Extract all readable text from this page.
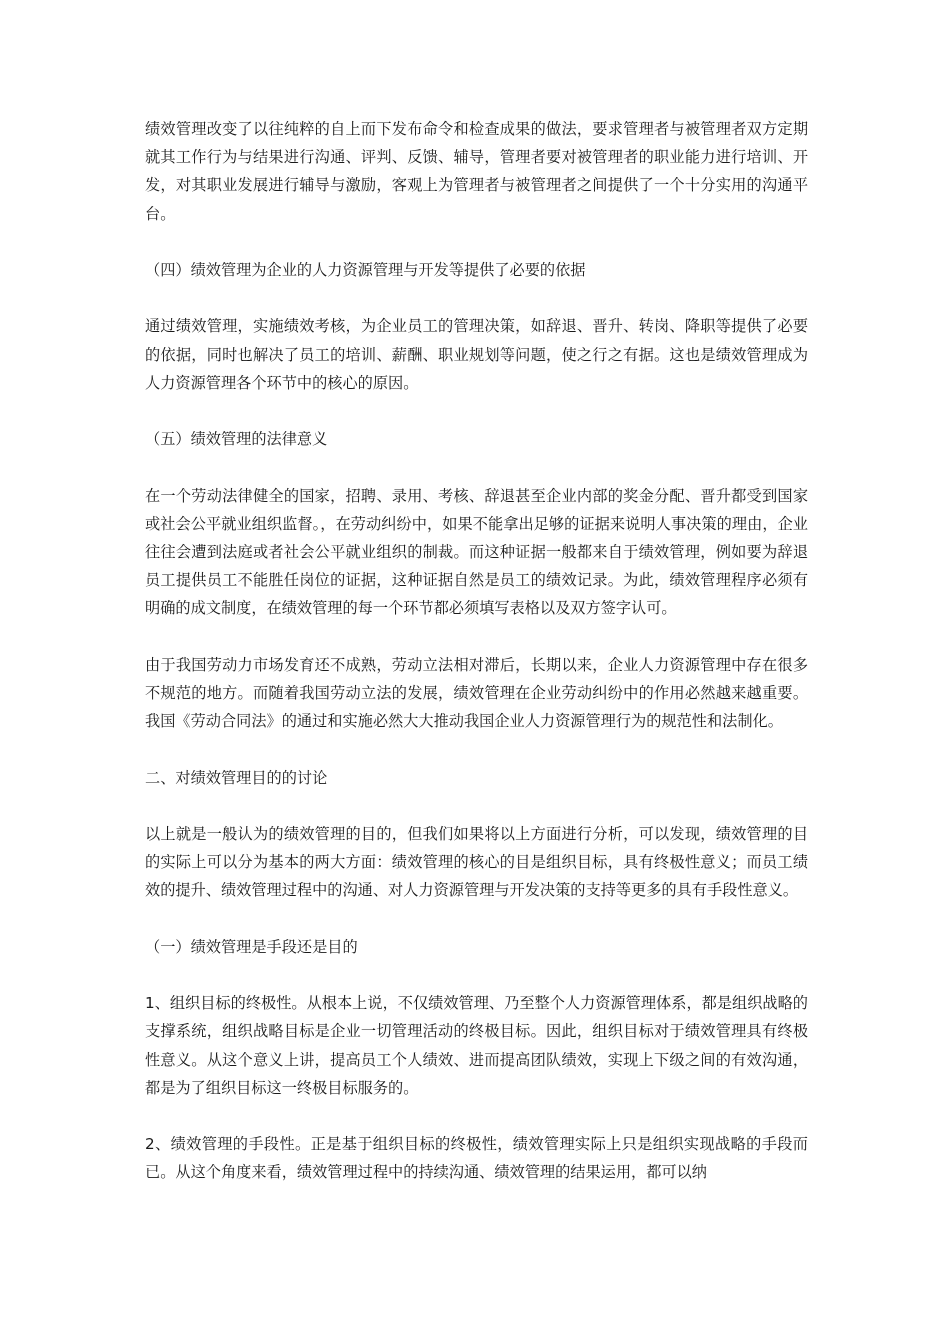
绩效管理改变了以往纯粹的自上而下发布命令和检查成果的做法，要求管理者与被管理者双方定期就其工作行为与结果进行沟通、评判、反馈、辅导，管理者要对被管理者的职业能力进行培训、开发，对其职业发展进行辅导与激励，客观上为管理者与被管理者之间提供了一个十分实用的沟通平台。

（四）绩效管理为企业的人力资源管理与开发等提供了必要的依据

通过绩效管理，实施绩效考核，为企业员工的管理决策，如辞退、晋升、转岗、降职等提供了必要的依据，同时也解决了员工的培训、薪酬、职业规划等问题，使之行之有据。这也是绩效管理成为人力资源管理各个环节中的核心的原因。

（五）绩效管理的法律意义

在一个劳动法律健全的国家，招聘、录用、考核、辞退甚至企业内部的奖金分配、晋升都受到国家或社会公平就业组织监督。，在劳动纠纷中，如果不能拿出足够的证据来说明人事决策的理由，企业往往会遭到法庭或者社会公平就业组织的制裁。而这种证据一般都来自于绩效管理，例如要为辞退员工提供员工不能胜任岗位的证据，这种证据自然是员工的绩效记录。为此，绩效管理程序必须有明确的成文制度，在绩效管理的每一个环节都必须填写表格以及双方签字认可。

由于我国劳动力市场发育还不成熟，劳动立法相对滞后，长期以来，企业人力资源管理中存在很多不规范的地方。而随着我国劳动立法的发展，绩效管理在企业劳动纠纷中的作用必然越来越重要。我国《劳动合同法》的通过和实施必然大大推动我国企业人力资源管理行为的规范性和法制化。

二、对绩效管理目的的讨论

以上就是一般认为的绩效管理的目的，但我们如果将以上方面进行分析，可以发现，绩效管理的目的实际上可以分为基本的两大方面：绩效管理的核心的目是组织目标，具有终极性意义；而员工绩效的提升、绩效管理过程中的沟通、对人力资源管理与开发决策的支持等更多的具有手段性意义。

（一）绩效管理是手段还是目的

1、组织目标的终极性。从根本上说，不仅绩效管理、乃至整个人力资源管理体系，都是组织战略的支撑系统，组织战略目标是企业一切管理活动的终极目标。因此，组织目标对于绩效管理具有终极性意义。从这个意义上讲，提高员工个人绩效、进而提高团队绩效，实现上下级之间的有效沟通，都是为了组织目标这一终极目标服务的。

2、绩效管理的手段性。正是基于组织目标的终极性，绩效管理实际上只是组织实现战略的手段而已。从这个角度来看，绩效管理过程中的持续沟通、绩效管理的结果运用，都可以纳
